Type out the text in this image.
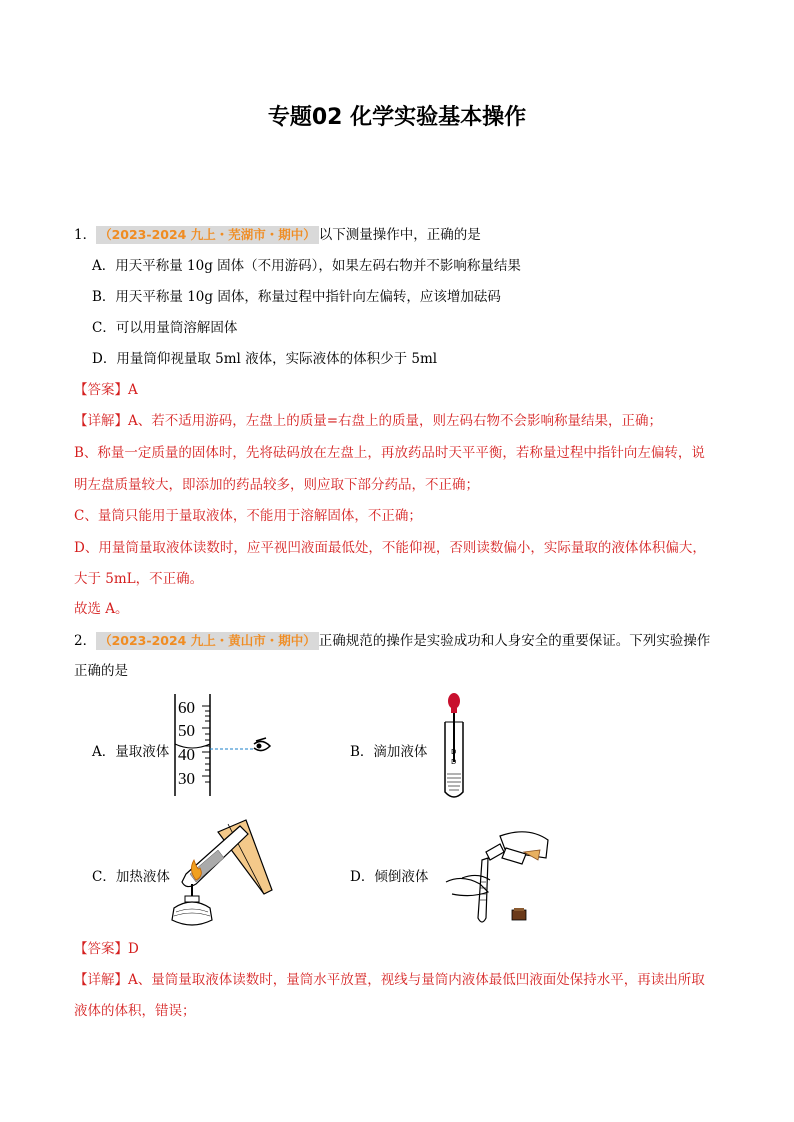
专题02 化学实验基本操作
1． （2023-2024 九上・芜湖市・期中） 以下测量操作中，正确的是
A．用天平称量 10g 固体（不用游码），如果左码右物并不影响称量结果
B．用天平称量 10g 固体，称量过程中指针向左偏转，应该增加砝码
C．可以用量筒溶解固体
D．用量筒仰视量取 5ml 液体，实际液体的体积少于 5ml
【答案】A
【详解】A、若不适用游码，左盘上的质量=右盘上的质量，则左码右物不会影响称量结果，正确；
B、称量一定质量的固体时，先将砝码放在左盘上，再放药品时天平平衡，若称量过程中指针向左偏转，说
明左盘质量较大，即添加的药品较多，则应取下部分药品，不正确；
C、量筒只能用于量取液体，不能用于溶解固体，不正确；
D、用量筒量取液体读数时，应平视凹液面最低处，不能仰视，否则读数偏小，实际量取的液体体积偏大，
大于 5mL，不正确。
故选 A。
2． （2023-2024 九上・黄山市・期中） 正确规范的操作是实验成功和人身安全的重要保证。下列实验操作
正确的是
A．量取液体	B．滴加液体
C．加热液体	D．倾倒液体
60
50
40
30
D
D
【答案】D
【详解】A、量筒量取液体读数时，量筒水平放置，视线与量筒内液体最低凹液面处保持水平，再读出所取
液体的体积，错误；
